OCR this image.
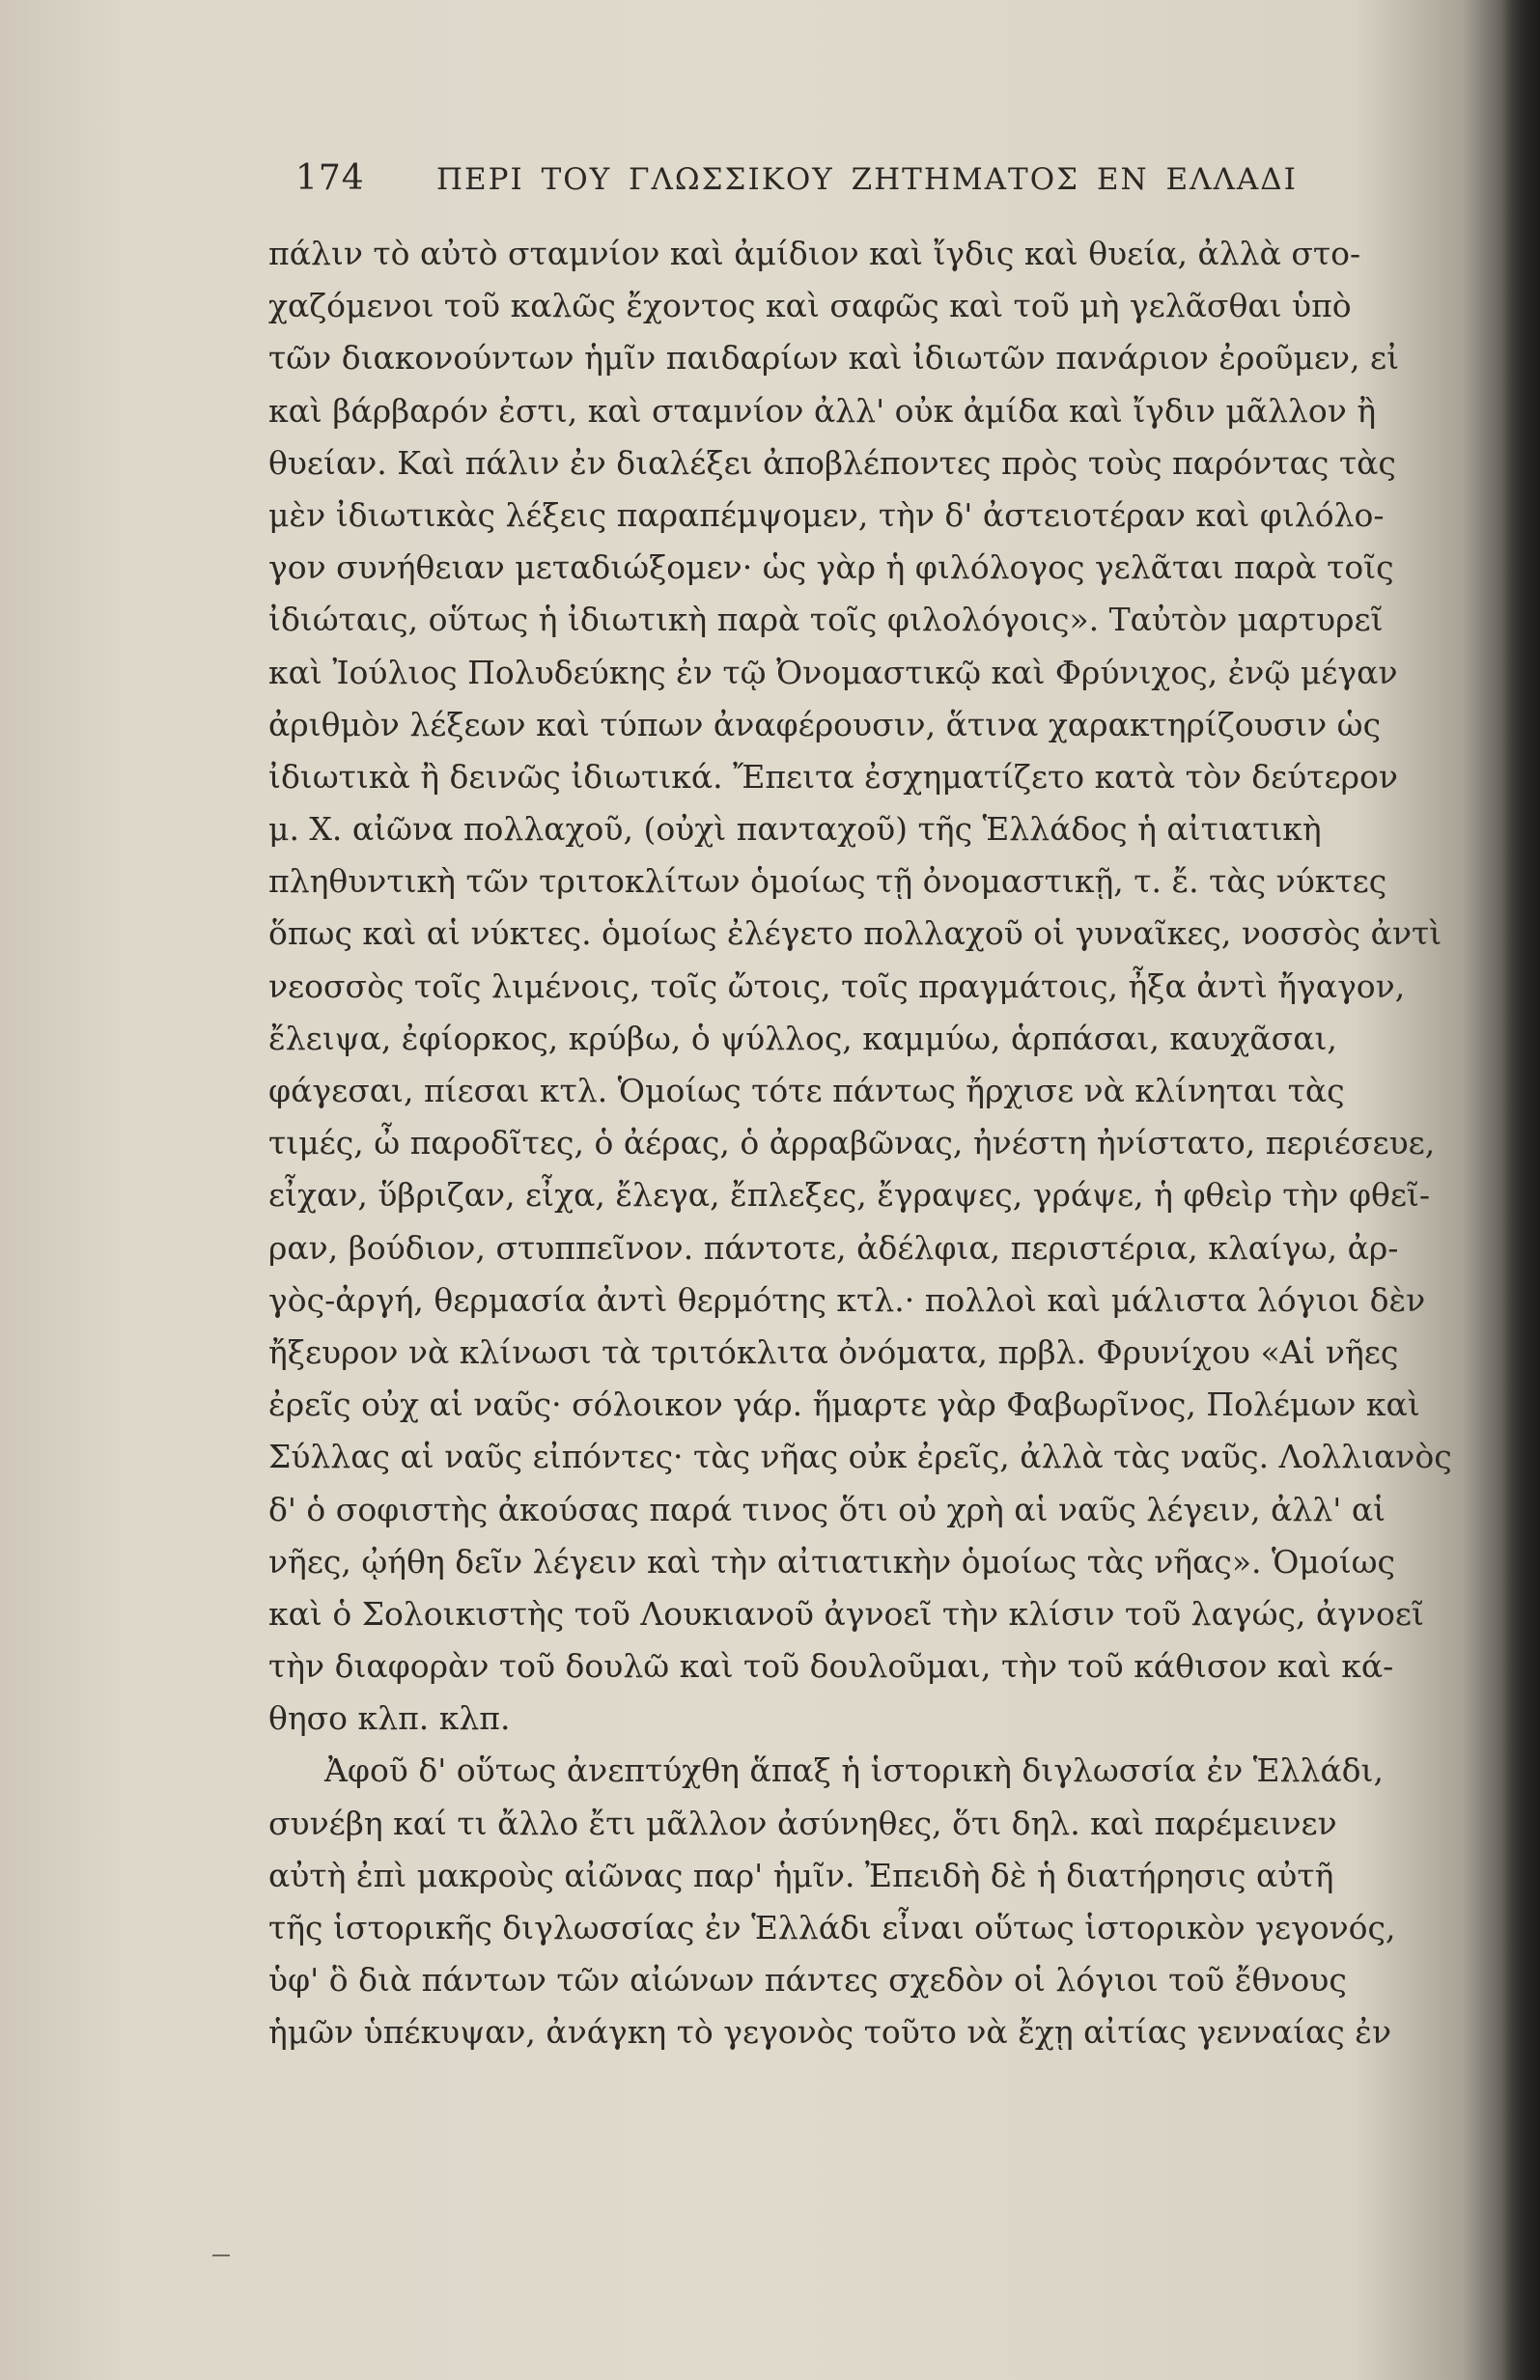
174 ΠΕΡΙ ΤΟΥ ΓΛΩΣΣΙΚΟΥ ΖΗΤΗΜΑΤΟΣ ΕΝ ΕΛΛΑΔΙ
πάλιν τὸ αὐτὸ σταμνίον καὶ ἀμίδιον καὶ ἴγδις καὶ θυεία, ἀλλὰ στο-
χαζόμενοι τοῦ καλῶς ἔχοντος καὶ σαφῶς καὶ τοῦ μὴ γελᾶσθαι ὑπὸ
τῶν διακονούντων ἡμῖν παιδαρίων καὶ ἰδιωτῶν πανάριον ἐροῦμεν, εἰ
καὶ βάρβαρόν ἐστι, καὶ σταμνίον ἀλλ' οὐκ ἀμίδα καὶ ἴγδιν μᾶλλον ἢ
θυείαν. Καὶ πάλιν ἐν διαλέξει ἀποβλέποντες πρὸς τοὺς παρόντας τὰς
μὲν ἰδιωτικὰς λέξεις παραπέμψομεν, τὴν δ' ἀστειοτέραν καὶ φιλόλο-
γον συνήθειαν μεταδιώξομεν· ὡς γὰρ ἡ φιλόλογος γελᾶται παρὰ τοῖς
ἰδιώταις, οὕτως ἡ ἰδιωτικὴ παρὰ τοῖς φιλολόγοις». Ταὐτὸν μαρτυρεῖ
καὶ Ἰούλιος Πολυδεύκης ἐν τῷ Ὀνομαστικῷ καὶ Φρύνιχος, ἐνῷ μέγαν
ἀριθμὸν λέξεων καὶ τύπων ἀναφέρουσιν, ἅτινα χαρακτηρίζουσιν ὡς
ἰδιωτικὰ ἢ δεινῶς ἰδιωτικά. Ἔπειτα ἐσχηματίζετο κατὰ τὸν δεύτερον
μ. Χ. αἰῶνα πολλαχοῦ, (οὐχὶ πανταχοῦ) τῆς Ἑλλάδος ἡ αἰτιατικὴ
πληθυντικὴ τῶν τριτοκλίτων ὁμοίως τῇ ὀνομαστικῇ, τ. ἔ. τὰς νύκτες
ὅπως καὶ αἱ νύκτες. ὁμοίως ἐλέγετο πολλαχοῦ οἱ γυναῖκες, νοσσὸς ἀντὶ
νεοσσὸς τοῖς λιμένοις, τοῖς ὤτοις, τοῖς πραγμάτοις, ἦξα ἀντὶ ἤγαγον,
ἔλειψα, ἐφίορκος, κρύβω, ὁ ψύλλος, καμμύω, ἁρπάσαι, καυχᾶσαι,
φάγεσαι, πίεσαι κτλ. Ὁμοίως τότε πάντως ἤρχισε νὰ κλίνηται τὰς
τιμές, ὦ παροδῖτες, ὁ ἀέρας, ὁ ἀρραβῶνας, ἠνέστη ἠνίστατο, περιέσευε,
εἶχαν, ὕβριζαν, εἶχα, ἔλεγα, ἔπλεξες, ἔγραψες, γράψε, ἡ φθεὶρ τὴν φθεῖ-
ραν, βούδιον, στυππεῖνον. πάντοτε, ἀδέλφια, περιστέρια, κλαίγω, ἀρ-
γὸς-ἀργή, θερμασία ἀντὶ θερμότης κτλ.· πολλοὶ καὶ μάλιστα λόγιοι δὲν
ἤξευρον νὰ κλίνωσι τὰ τριτόκλιτα ὀνόματα, πρβλ. Φρυνίχου «Αἱ νῆες
ἐρεῖς οὐχ αἱ ναῦς· σόλοικον γάρ. ἥμαρτε γὰρ Φαβωρῖνος, Πολέμων καὶ
Σύλλας αἱ ναῦς εἰπόντες· τὰς νῆας οὐκ ἐρεῖς, ἀλλὰ τὰς ναῦς. Λολλιανὸς
δ' ὁ σοφιστὴς ἀκούσας παρά τινος ὅτι οὐ χρὴ αἱ ναῦς λέγειν, ἀλλ' αἱ
νῆες, ᾠήθη δεῖν λέγειν καὶ τὴν αἰτιατικὴν ὁμοίως τὰς νῆας». Ὁμοίως
καὶ ὁ Σολοικιστὴς τοῦ Λουκιανοῦ ἀγνοεῖ τὴν κλίσιν τοῦ λαγώς, ἀγνοεῖ
τὴν διαφορὰν τοῦ δουλῶ καὶ τοῦ δουλοῦμαι, τὴν τοῦ κάθισον καὶ κά-
θησο κλπ. κλπ.
Ἀφοῦ δ' οὕτως ἀνεπτύχθη ἅπαξ ἡ ἱστορικὴ διγλωσσία ἐν Ἑλλάδι,
συνέβη καί τι ἄλλο ἔτι μᾶλλον ἀσύνηθες, ὅτι δηλ. καὶ παρέμεινεν
αὐτὴ ἐπὶ μακροὺς αἰῶνας παρ' ἡμῖν. Ἐπειδὴ δὲ ἡ διατήρησις αὐτῆ
τῆς ἱστορικῆς διγλωσσίας ἐν Ἑλλάδι εἶναι οὕτως ἱστορικὸν γεγονός,
ὑφ' ὃ διὰ πάντων τῶν αἰώνων πάντες σχεδὸν οἱ λόγιοι τοῦ ἔθνους
ἡμῶν ὑπέκυψαν, ἀνάγκη τὸ γεγονὸς τοῦτο νὰ ἔχῃ αἰτίας γενναίας ἐν
